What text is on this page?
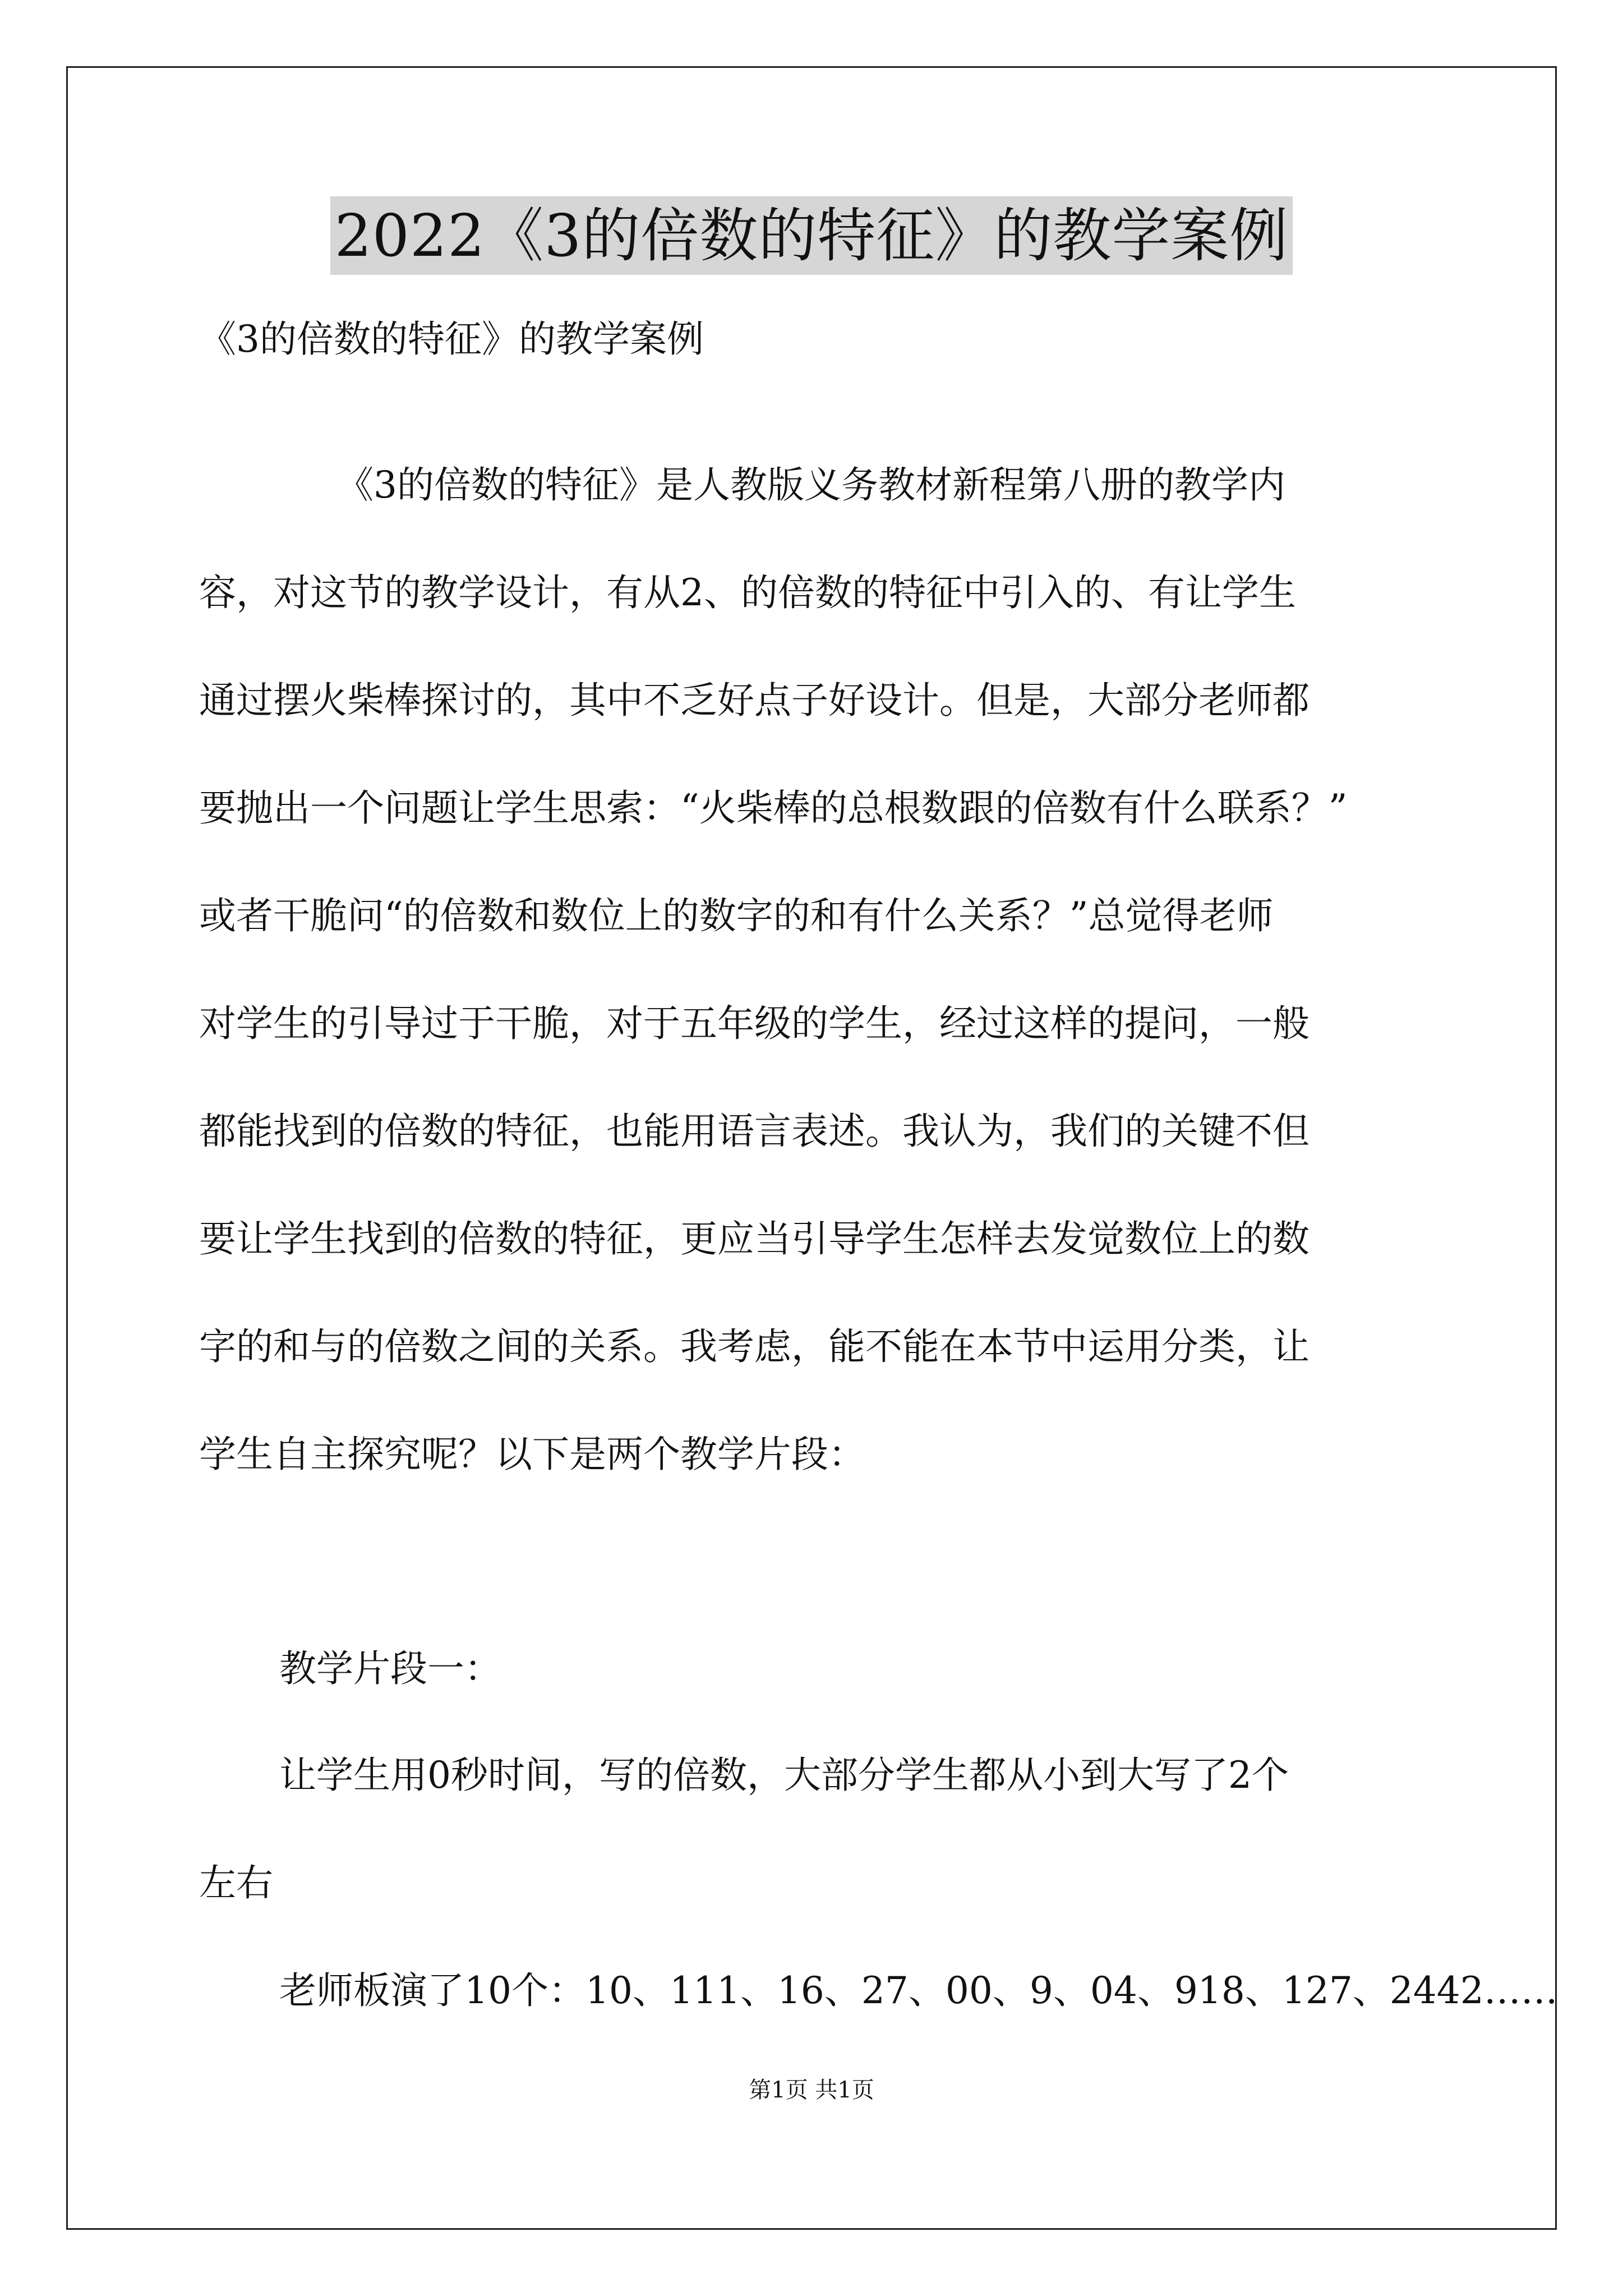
2022《3的倍数的特征》的教学案例
《3的倍数的特征》的教学案例
《3的倍数的特征》是人教版义务教材新程第八册的教学内
容，对这节的教学设计，有从2、的倍数的特征中引入的、有让学生
通过摆火柴棒探讨的，其中不乏好点子好设计。但是，大部分老师都
要抛出一个问题让学生思索：“火柴棒的总根数跟的倍数有什么联系？”
或者干脆问“的倍数和数位上的数字的和有什么关系？”总觉得老师
对学生的引导过于干脆，对于五年级的学生，经过这样的提问，一般
都能找到的倍数的特征，也能用语言表述。我认为，我们的关键不但
要让学生找到的倍数的特征，更应当引导学生怎样去发觉数位上的数
字的和与的倍数之间的关系。我考虑，能不能在本节中运用分类，让
学生自主探究呢？以下是两个教学片段：
教学片段一：
让学生用0秒时间，写的倍数，大部分学生都从小到大写了2个
左右
老师板演了10个：10、111、16、27、00、9、04、918、127、2442……
第1页 共1页
